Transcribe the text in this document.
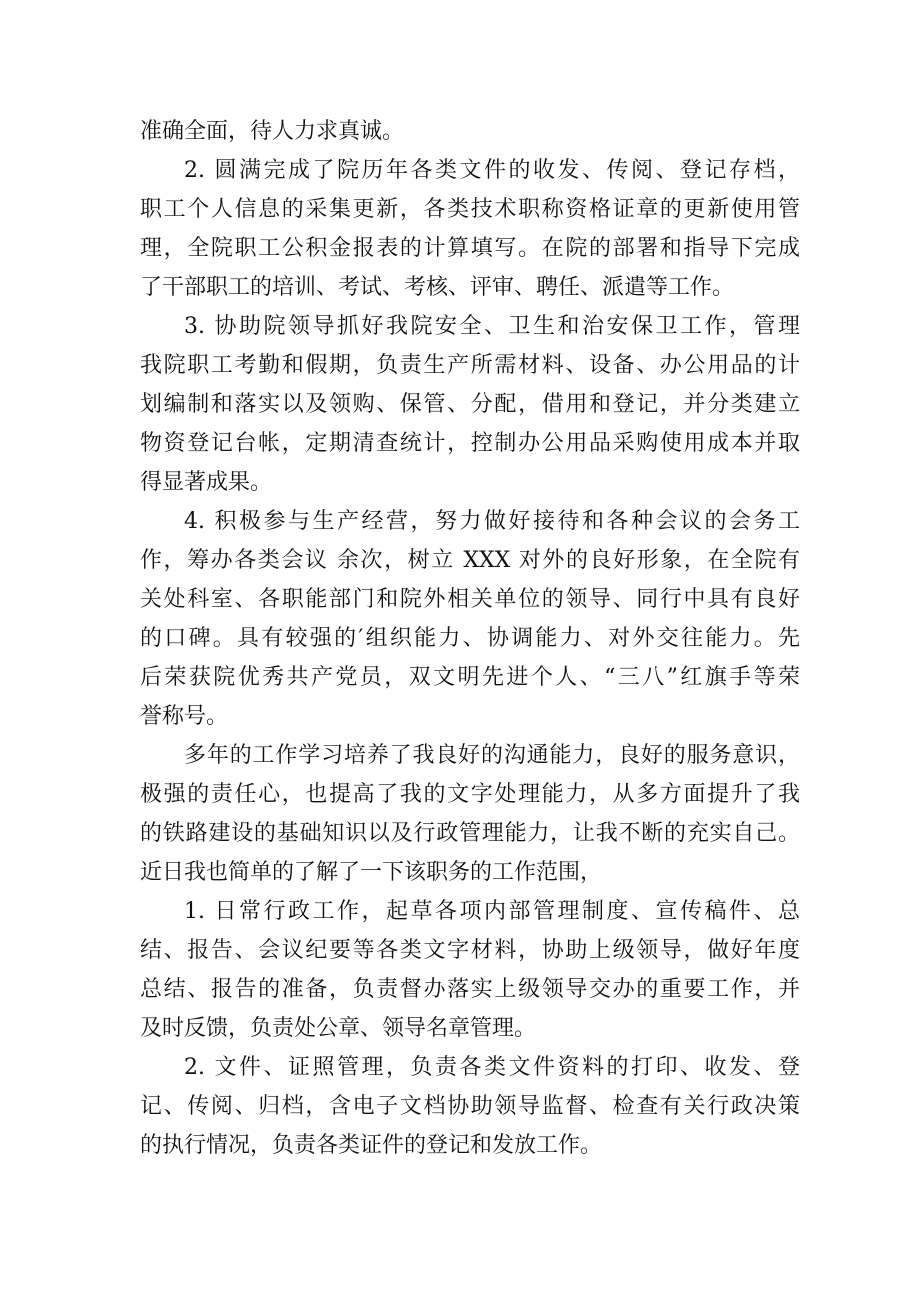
准确全面，待人力求真诚。
2. 圆满完成了院历年各类文件的收发、传阅、登记存档，
职工个人信息的采集更新，各类技术职称资格证章的更新使用管
理，全院职工公积金报表的计算填写。在院的部署和指导下完成
了干部职工的培训、考试、考核、评审、聘任、派遣等工作。
3. 协助院领导抓好我院安全、卫生和治安保卫工作，管理
我院职工考勤和假期，负责生产所需材料、设备、办公用品的计
划编制和落实以及领购、保管、分配，借用和登记，并分类建立
物资登记台帐，定期清查统计，控制办公用品采购使用成本并取
得显著成果。
4. 积极参与生产经营，努力做好接待和各种会议的会务工
作，筹办各类会议 余次，树立 XXX 对外的良好形象，在全院有
关处科室、各职能部门和院外相关单位的领导、同行中具有良好
的口碑。具有较强的′组织能力、协调能力、对外交往能力。先
后荣获院优秀共产党员，双文明先进个人、“三八”红旗手等荣
誉称号。
多年的工作学习培养了我良好的沟通能力，良好的服务意识，
极强的责任心，也提高了我的文字处理能力，从多方面提升了我
的铁路建设的基础知识以及行政管理能力，让我不断的充实自己。
近日我也简单的了解了一下该职务的工作范围，
1. 日常行政工作，起草各项内部管理制度、宣传稿件、总
结、报告、会议纪要等各类文字材料，协助上级领导，做好年度
总结、报告的准备，负责督办落实上级领导交办的重要工作，并
及时反馈，负责处公章、领导名章管理。
2. 文件、证照管理，负责各类文件资料的打印、收发、登
记、传阅、归档，含电子文档协助领导监督、检查有关行政决策
的执行情况，负责各类证件的登记和发放工作。
